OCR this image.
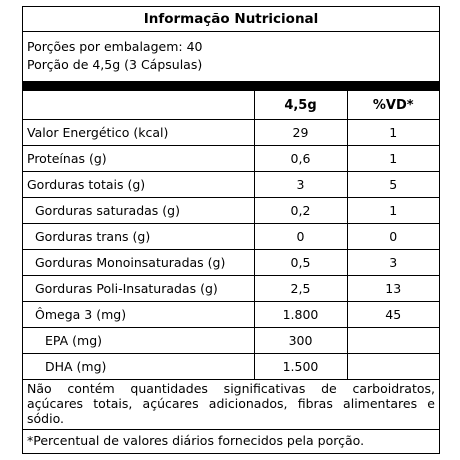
Informação Nutricional
Porções por embalagem: 40
Porção de 4,5g (3 Cápsulas)
	4,5g	%VD*
Valor Energético (kcal)	29	1
Proteínas (g)	0,6	1
Gorduras totais (g)	3	5
Gorduras saturadas (g)	0,2	1
Gorduras trans (g)	0	0
Gorduras Monoinsaturadas (g)	0,5	3
Gorduras Poli-Insaturadas (g)	2,5	13
Ômega 3 (mg)	1.800	45
EPA (mg)	300	
DHA (mg)	1.500	

Não contém quantidades significativas de carboidratos, açúcares totais, açúcares adicionados, fibras alimentares e sódio.

*Percentual de valores diários fornecidos pela porção.
